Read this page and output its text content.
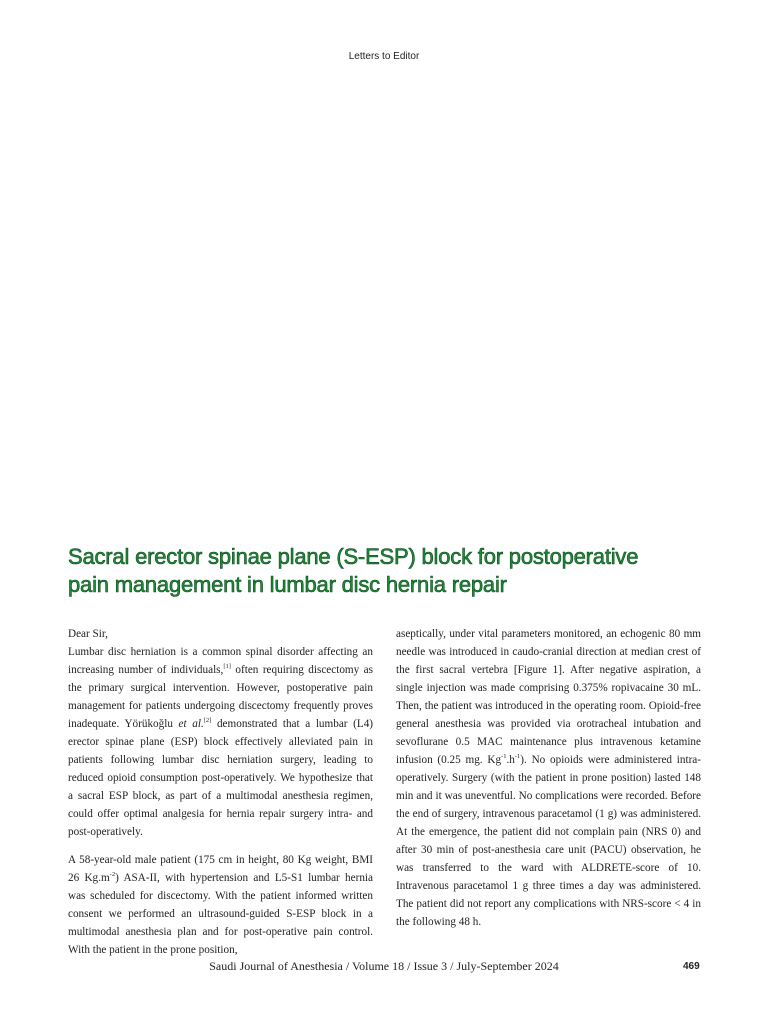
Letters to Editor
Sacral erector spinae plane (S-ESP) block for postoperative
pain management in lumbar disc hernia repair
Dear Sir,

Lumbar disc herniation is a common spinal disorder affecting an increasing number of individuals,[1] often requiring discectomy as the primary surgical intervention. However, postoperative pain management for patients undergoing discectomy frequently proves inadequate. Yörükoğlu et al.[2] demonstrated that a lumbar (L4) erector spinae plane (ESP) block effectively alleviated pain in patients following lumbar disc herniation surgery, leading to reduced opioid consumption post-operatively. We hypothesize that a sacral ESP block, as part of a multimodal anesthesia regimen, could offer optimal analgesia for hernia repair surgery intra- and post-operatively.

A 58-year-old male patient (175 cm in height, 80 Kg weight, BMI 26 $Kg.m^{-2}$) ASA-II, with hypertension and L5-S1 lumbar hernia was scheduled for discectomy. With the patient informed written consent we performed an ultrasound-guided S-ESP block in a multimodal anesthesia plan and for post-operative pain control. With the patient in the prone position,

aseptically, under vital parameters monitored, an echogenic 80 mm needle was introduced in caudo-cranial direction at median crest of the first sacral vertebra [Figure 1]. After negative aspiration, a single injection was made comprising 0.375% ropivacaine 30 mL. Then, the patient was introduced in the operating room. Opioid-free general anesthesia was provided via orotracheal intubation and sevoflurane 0.5 MAC maintenance plus intravenous ketamine infusion (0.25 mg. $Kg^{-1}.h^{-1}$). No opioids were administered intra-operatively. Surgery (with the patient in prone position) lasted 148 min and it was uneventful. No complications were recorded. Before the end of surgery, intravenous paracetamol (1 g) was administered. At the emergence, the patient did not complain pain (NRS 0) and after 30 min of post-anesthesia care unit (PACU) observation, he was transferred to the ward with ALDRETE-score of 10. Intravenous paracetamol 1 g three times a day was administered. The patient did not report any complications with NRS-score < 4 in the following 48 h.

Saudi Journal of Anesthesia / Volume 18 / Issue 3 / July-September 2024	469
